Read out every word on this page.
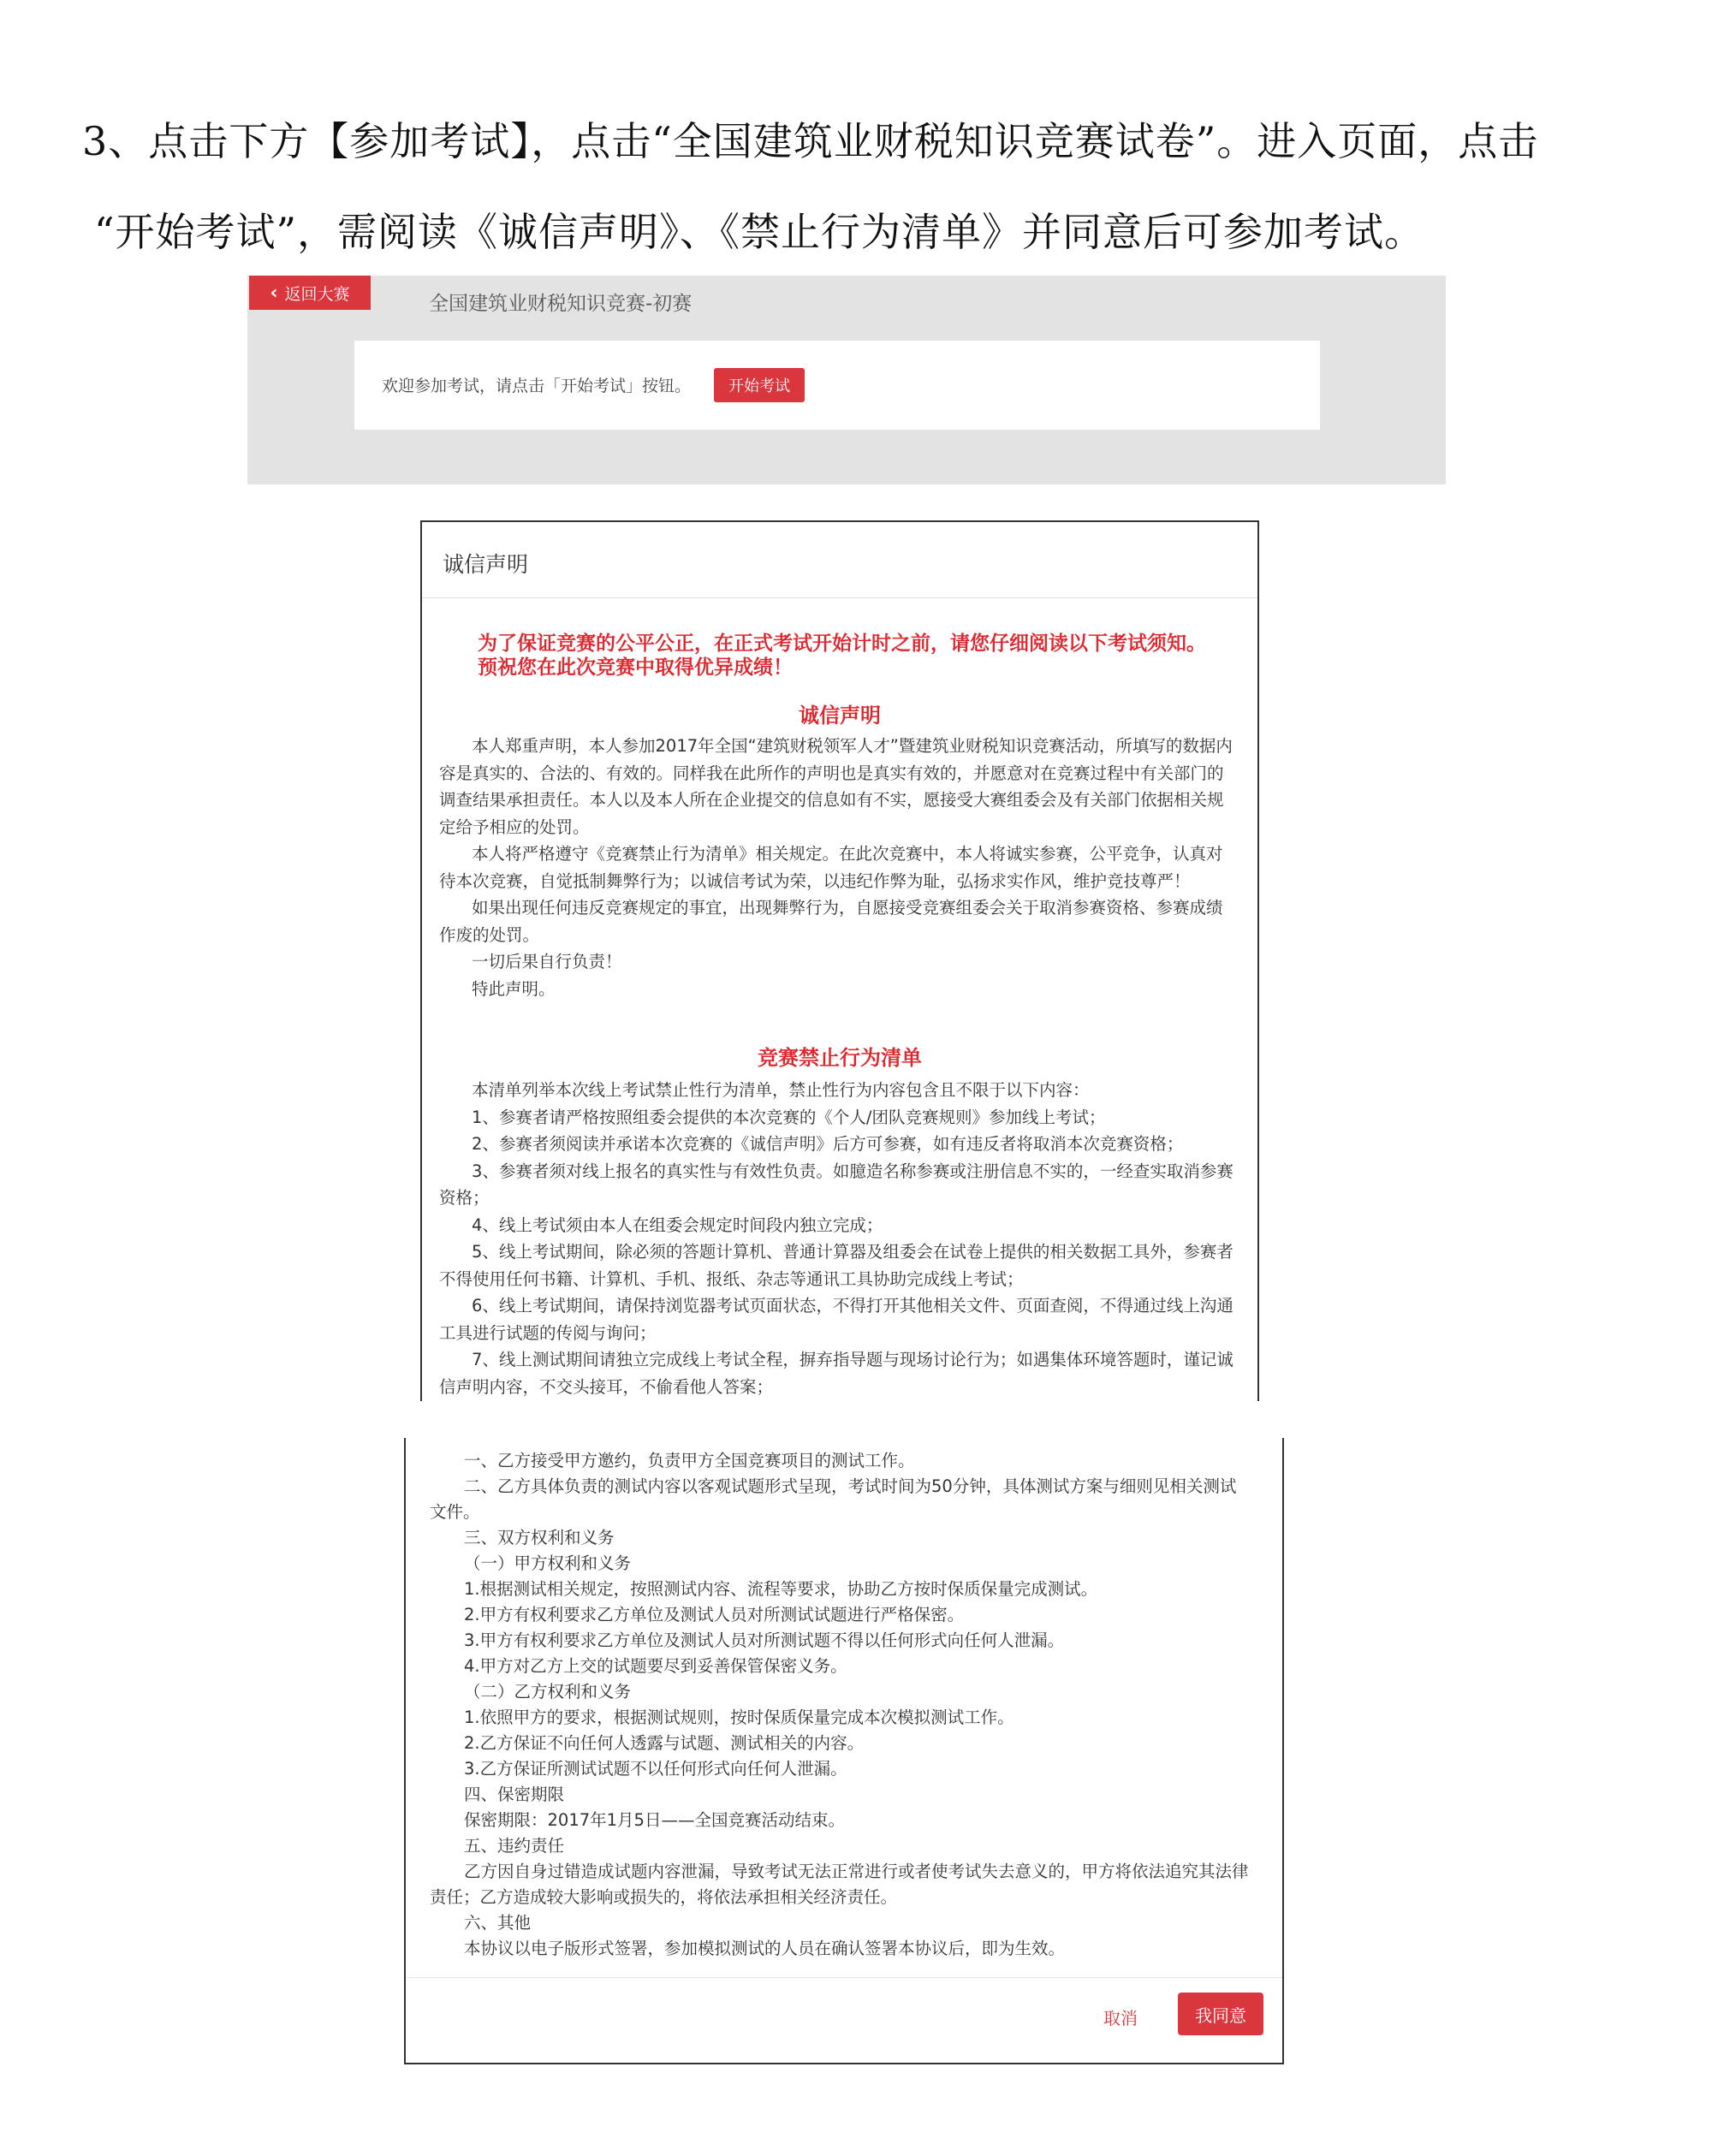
3、点击下方【参加考试】，点击“全国建筑业财税知识竞赛试卷”。进入页面，点击
“开始考试”，需阅读《诚信声明》、《禁止行为清单》并同意后可参加考试。
‹ 返回大赛	全国建筑业财税知识竞赛-初赛
欢迎参加考试，请点击「开始考试」按钮。	开始考试
诚信声明
为了保证竞赛的公平公正，在正式考试开始计时之前，请您仔细阅读以下考试须知。
预祝您在此次竞赛中取得优异成绩！
诚信声明

本人郑重声明，本人参加2017年全国“建筑财税领军人才”暨建筑业财税知识竞赛活动，所填写的数据内容是真实的、合法的、有效的。同样我在此所作的声明也是真实有效的，并愿意对在竞赛过程中有关部门的调查结果承担责任。本人以及本人所在企业提交的信息如有不实，愿接受大赛组委会及有关部门依据相关规定给予相应的处罚。

本人将严格遵守《竞赛禁止行为清单》相关规定。在此次竞赛中，本人将诚实参赛，公平竞争，认真对待本次竞赛，自觉抵制舞弊行为；以诚信考试为荣，以违纪作弊为耻，弘扬求实作风，维护竞技尊严！

如果出现任何违反竞赛规定的事宜，出现舞弊行为，自愿接受竞赛组委会关于取消参赛资格、参赛成绩作废的处罚。

一切后果自行负责！

特此声明。

竞赛禁止行为清单

本清单列举本次线上考试禁止性行为清单，禁止性行为内容包含且不限于以下内容：

1、参赛者请严格按照组委会提供的本次竞赛的《个人/团队竞赛规则》参加线上考试；

2、参赛者须阅读并承诺本次竞赛的《诚信声明》后方可参赛，如有违反者将取消本次竞赛资格；

3、参赛者须对线上报名的真实性与有效性负责。如臆造名称参赛或注册信息不实的，一经查实取消参赛资格；

4、线上考试须由本人在组委会规定时间段内独立完成；

5、线上考试期间，除必须的答题计算机、普通计算器及组委会在试卷上提供的相关数据工具外，参赛者不得使用任何书籍、计算机、手机、报纸、杂志等通讯工具协助完成线上考试；

6、线上考试期间，请保持浏览器考试页面状态，不得打开其他相关文件、页面查阅，不得通过线上沟通工具进行试题的传阅与询问；

7、线上测试期间请独立完成线上考试全程，摒弃指导题与现场讨论行为；如遇集体环境答题时，谨记诚信声明内容，不交头接耳，不偷看他人答案；

一、乙方接受甲方邀约，负责甲方全国竞赛项目的测试工作。

二、乙方具体负责的测试内容以客观试题形式呈现，考试时间为50分钟，具体测试方案与细则见相关测试文件。

三、双方权利和义务

（一）甲方权利和义务

1.根据测试相关规定，按照测试内容、流程等要求，协助乙方按时保质保量完成测试。

2.甲方有权利要求乙方单位及测试人员对所测试试题进行严格保密。

3.甲方有权利要求乙方单位及测试人员对所测试题不得以任何形式向任何人泄漏。

4.甲方对乙方上交的试题要尽到妥善保管保密义务。

（二）乙方权利和义务

1.依照甲方的要求，根据测试规则，按时保质保量完成本次模拟测试工作。

2.乙方保证不向任何人透露与试题、测试相关的内容。

3.乙方保证所测试试题不以任何形式向任何人泄漏。

四、保密期限

保密期限：2017年1月5日——全国竞赛活动结束。

五、违约责任

乙方因自身过错造成试题内容泄漏，导致考试无法正常进行或者使考试失去意义的，甲方将依法追究其法律责任；乙方造成较大影响或损失的，将依法承担相关经济责任。

六、其他

本协议以电子版形式签署，参加模拟测试的人员在确认签署本协议后，即为生效。

取消	我同意
